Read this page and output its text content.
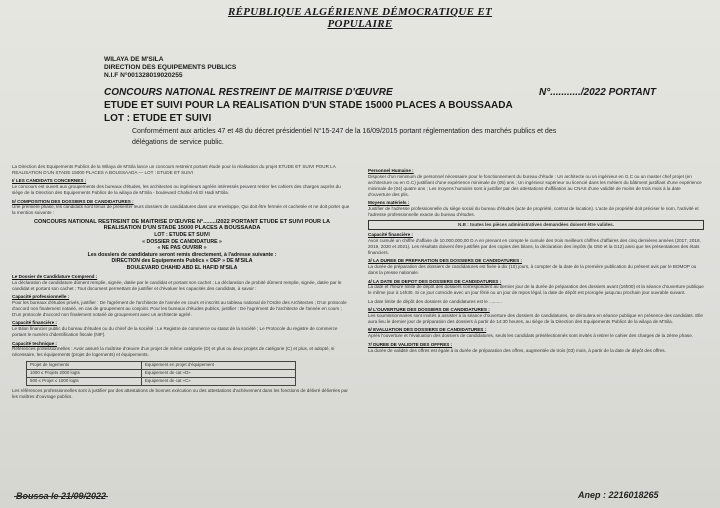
RÉPUBLIQUE ALGÉRIENNE DÉMOCRATIQUE ET POPULAIRE
WILAYA DE M'SILA
DIRECTION DES EQUIPEMENTS PUBLICS
N.I.F N°001328019020255
CONCOURS NATIONAL RESTREINT DE MAITRISE D'ŒUVRE	N°.........../2022 PORTANT
ETUDE ET SUIVI POUR LA REALISATION D'UN STADE 15000 PLACES A BOUSSAADA
LOT : ETUDE ET SUIVI
Conformément aux articles 47 et 48 du décret présidentiel N°15-247 de la 16/09/2015 portant réglementation des marchés publics et des délégations de service public.
La Direction des Equipements Publics de la Wilaya de M'Sila lance un concours restreint portant étude pour la réalisation du projet ETUDE ET SUIVI POUR LA REALISATION D'UN STADE 15000 PLACES A BOUSSAADA — LOT : ETUDE ET SUIVI
I/ LES CANDIDATS CONCERNES :
Le concours est ouvert aux groupements des bureaux d'études, les architectes ou ingénieurs agréés intéressés peuvent retirer les cahiers des charges auprès du siège de la Direction des Equipements Publics de la wilaya de M'Sila - boulevard Chahid Ali El Hadi M'Sila.
II/ COMPOSITION DES DOSSIERS DE CANDIDATURES :
Une première phase, les candidats sont tenus de présenter leurs dossiers de candidatures dans une enveloppe, Qui doit être fermée et cachetée et ne doit porter que la mention suivante :
CONCOURS NATIONAL RESTREINT DE MAITRISE D'ŒUVRE N°......../2022 PORTANT ETUDE ET SUIVI POUR LA
REALISATION D'UN STADE 15000 PLACES A BOUSSAADA
LOT : ETUDE ET SUIVI
« DOSSIER DE CANDIDATURE »
« NE PAS OUVRIR »
Les dossiers de candidature seront remis directement, à l'adresse suivante :
DIRECTION des Equipements Publics « DEP » DE M'SILA
BOULEVARD CHAHID ABD EL HAFID M'SILA
Le Dossier de Candidature Comprend :
La déclaration de candidature dûment remplie, signée, datée par le candidat et portant son cachet ; La déclaration de probité dûment remplie, signée, datée par le candidat et portant son cachet ; Tout document permettant de justifier et d'évaluer les capacités des candidats, à savoir :
Capacité professionnelle :
Pour les bureaux d'études privés, justifier : De l'agrément de l'architecte de l'année en cours et inscrits au tableau national de l'Ordre des Architectes ; D'un protocole d'accord non finalement notarié, en cas de groupement au conjoint. Pour les bureaux d'études publics, justifier : De l'agrément de l'architecte de l'année en cours ; D'un protocole d'accord non finalement notarié de groupement avec un architecte agréé.
Capacité financière :
Le Bilan financier public du bureau d'études ou du chiref de la société ; Le Registre de commerce ou statut de la société ; Le Protocole du registre de commerce portant le numéro d'identification fiscale (NIF).
Capacité technique :
Références professionnelles : Avoir assuré la maîtrise d'œuvre d'un projet de même catégorie (D) et plus ou deux projets de catégorie (C) et plus, et adopté, si nécessaire, les équipements (projet de logements) et équipements.
Projet de logements	Equipement en projet d'équipement
1000 ≤ Projets 2000 logts	Equipement de cat «D»
500 ≤ Projet ≤ 1000 logts	Equipement de cat «C»
Les références professionnelles sont à justifier par des attestations de bonnes exécution ou des attestations d'achèvement dans les fonctions de délivré délivrées par les maîtres d'ouvrage publics.
Personnel Humaine :
Disposer d'un minimum de personnel nécessaire pour le fonctionnement du bureau d'étude : Un architecte ou un ingénieur en G.C ou un master chef projet (en architecture ou en G.C) justifiant d'une expérience minimale de (05) ans ; Un ingénieur supérieur ou licencié dans les métiers du bâtiment justifiant d'une expérience minimale de (04) quatre ans ; Les moyens humains sont à justifier par des attestations d'affiliation au CNAS d'une validité de moins de trois mois à la date d'ouverture des plis.
Moyens matériels :
Justifier de l'adresse professionnelle du siège social du bureau d'études (acte de propriété, contrat de location). L'acte de propriété doit préciser le nom, l'activité et l'adresse professionnelle exacte du bureau d'études.
N.B : toutes les pièces administratives demandées doivent être valides.
Capacité financière :
Avoir cumulé un chiffre d'affaire de 10.000.000,00 D.A en prenant en compte le cumule des trois meilleurs chiffres d'affaires des cinq dernières années (2017, 2018, 2019, 2020 et 2021). Les résultats doivent être justifiés par des copies des bilans, la déclaration des impôts (la G50 et la G12) ainsi que les présentations des états financiers.
3/ LA DUREE DE PREPARATION DES DOSSIERS DE CANDIDATURES :
La durée de préparation des dossiers de candidatures est fixée à dix (10) jours, à compter de la date de la première publication du présent avis par le BOMOP ou dans la presse nationale.
4/ LA DATE DE DEPOT DES DOSSIERS DE CANDIDATURES :
La date et l'heure limite de dépôt des dossiers correspondent au dernier jour de la durée de préparation des dossiers avant (16h00) et la séance d'ouverture publique le même jour à 14h30. Si ce jour coïncide avec un jour férié ou un jour de repos légal, la date de dépôt est prorogée jusqu'au prochain jour ouvrable suivant.
La date limite de dépôt des dossiers de candidatures est le ..........
5/ L'OUVERTURE DES DOSSIERS DE CANDIDATURES :
Les soumissionnaires sont invités à assister à la séance d'ouverture des dossiers de candidatures, se déroulera en séance publique en présence des candidats. Elle aura lieu le dernier jour de préparation des dossiers à partir de 14:30 heures, au siège de la Direction des Equipements Publics de la wilaya de M'Sila.
6/ EVALUATION DES DOSSIERS DE CANDIDATURES :
Après l'ouverture et l'évaluation des dossiers de candidatures, seuls les candidats présélectionnés sont invités à retirer le cahier des charges de la 2ème phase.
7/ DUREE DE VALIDITE DES OFFRES :
La durée de validité des offres est égale à la durée de préparation des offres, augmentée de trois (03) mois, à partir de la date de dépôt des offres.
Boussa le 21/09/2022	Anep : 2216018265
